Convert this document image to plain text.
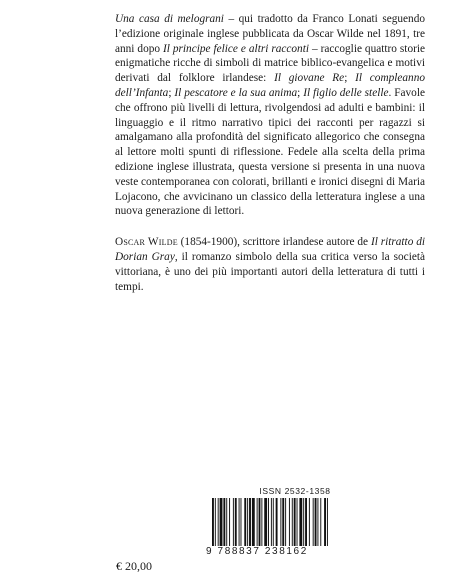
Una casa di melograni – qui tradotto da Franco Lonati seguendo l’edizione originale inglese pubblicata da Oscar Wilde nel 1891, tre anni dopo Il principe felice e altri racconti – raccoglie quattro storie enigmatiche ricche di simboli di matrice biblico-evangelica e motivi derivati dal folklore irlandese: Il giovane Re; Il compleanno dell’Infanta; Il pescatore e la sua anima; Il figlio delle stelle. Favole che offrono più livelli di lettura, rivolgendosi ad adulti e bambini: il linguaggio e il ritmo narrativo tipici dei racconti per ragazzi si amalgamano alla profondità del significato allegorico che consegna al lettore molti spunti di riflessione. Fedele alla scelta della prima edizione inglese illustrata, questa versione si presenta in una nuova veste contemporanea con colorati, brillanti e ironici disegni di Maria Lojacono, che avvicinano un classico della letteratura inglese a una nuova generazione di lettori.

Oscar Wilde (1854-1900), scrittore irlandese autore de Il ritratto di Dorian Gray, il romanzo simbolo della sua critica verso la società vittoriana, è uno dei più importanti autori della letteratura di tutti i tempi.

ISSN 2532-1358
9 788837 238162
€ 20,00
